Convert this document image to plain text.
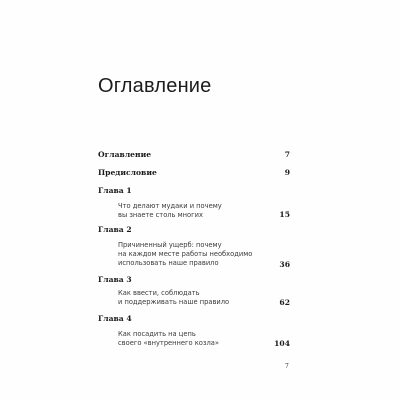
Оглавление
Оглавление	7
Предисловие	9
Глава 1
Что делают мудаки и почему
вы знаете столь многих	15
Глава 2
Причиненный ущерб: почему
на каждом месте работы необходимо
использовать наше правило	36
Глава 3
Как ввести, соблюдать
и поддерживать наше правило	62
Глава 4
Как посадить на цепь
своего «внутреннего козла»	104
7
